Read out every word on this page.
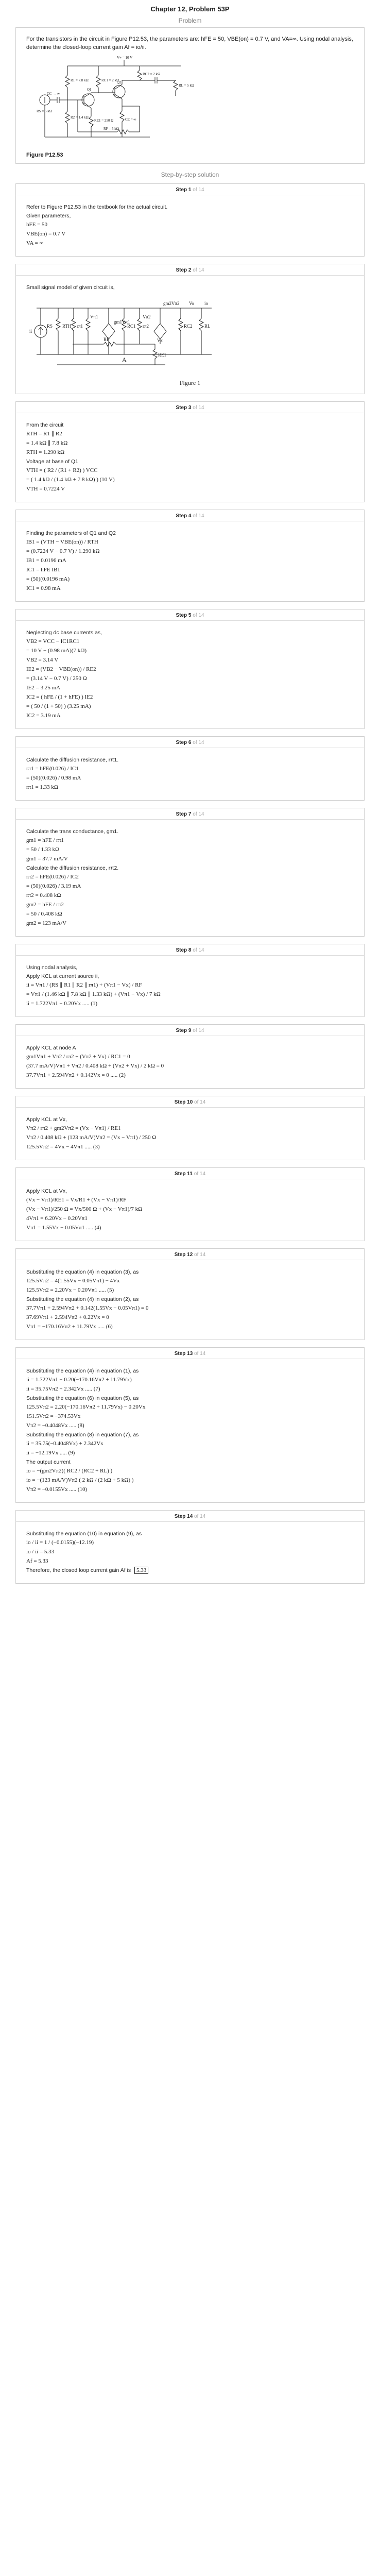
Chapter 12, Problem 53P
Problem
For the transistors in the circuit in Figure P12.53, the parameters are: hFE = 50, VBE(on) = 0.7 V, and VA=∞. Using nodal analysis, determine the closed-loop current gain Af = io/ii.
V+ = 10 V
R1 = 7.8 kΩ
R2 = 1.4 kΩ
RC1 = 2 kΩ
RC2 = 2 kΩ
RE1 = 250 Ω
RL = 5 kΩ
RS = 5 kΩ
RF = 5 kΩ
CE = ∞
CC → ∞
Q1
Q2
Figure P12.53
Step-by-step solution
Step 1 of 14

Refer to Figure P12.53 in the textbook for the actual circuit.

Given parameters,

hFE = 50

VBE(on) = 0.7 V

VA = ∞

Step 2 of 14

Small signal model of given circuit is,

ii
RS RTH rπ1
Vπ1
gm1Vπ1
RC1 rπ2
Vπ2
gm2Vπ2
RC2	RL
RF
RE1
Vo
Vx
io
A
Figure 1
Step 3 of 14

From the circuit

RTH = R1 ∥ R2

= 1.4 kΩ ∥ 7.8 kΩ

RTH = 1.290 kΩ

Voltage at base of Q1

VTH = ( R2 / (R1 + R2) ) VCC

= ( 1.4 kΩ / (1.4 kΩ + 7.8 kΩ) ) (10 V)

VTH = 0.7224 V

Step 4 of 14

Finding the parameters of Q1 and Q2

IB1 = (VTH − VBE(on)) / RTH

= (0.7224 V − 0.7 V) / 1.290 kΩ

IB1 = 0.0196 mA

IC1 = hFE IB1

= (50)(0.0196 mA)

IC1 = 0.98 mA

Step 5 of 14

Neglecting dc base currents as,

VB2 = VCC − IC1RC1

= 10 V − (0.98 mA)(7 kΩ)

VB2 = 3.14 V

IE2 = (VB2 − VBE(on)) / RE2

= (3.14 V − 0.7 V) / 250 Ω

IE2 = 3.25 mA

IC2 = ( hFE / (1 + hFE) ) IE2

= ( 50 / (1 + 50) ) (3.25 mA)

IC2 = 3.19 mA

Step 6 of 14

Calculate the diffusion resistance, rπ1.

rπ1 = hFE(0.026) / IC1

= (50)(0.026) / 0.98 mA

rπ1 = 1.33 kΩ

Step 7 of 14

Calculate the trans conductance, gm1.

gm1 = hFE / rπ1

= 50 / 1.33 kΩ

gm1 = 37.7 mA/V

Calculate the diffusion resistance, rπ2.

rπ2 = hFE(0.026) / IC2

= (50)(0.026) / 3.19 mA

rπ2 = 0.408 kΩ

gm2 = hFE / rπ2

= 50 / 0.408 kΩ

gm2 = 123 mA/V

Step 8 of 14

Using nodal analysis,

Apply KCL at current source ii,

ii = Vπ1 / (RS ∥ R1 ∥ R2 ∥ rπ1) + (Vπ1 − Vx) / RF

= Vπ1 / (1.46 kΩ ∥ 7.8 kΩ ∥ 1.33 kΩ) + (Vπ1 − Vx) / 7 kΩ

ii = 1.722Vπ1 − 0.20Vx ..... (1)

Step 9 of 14

Apply KCL at node A

gm1Vπ1 + Vπ2 / rπ2 + (Vπ2 + Vx) / RC1 = 0

(37.7 mA/V)Vπ1 + Vπ2 / 0.408 kΩ + (Vπ2 + Vx) / 2 kΩ = 0

37.7Vπ1 + 2.594Vπ2 + 0.142Vx = 0 ..... (2)

Step 10 of 14

Apply KCL at Vx,

Vπ2 / rπ2 + gm2Vπ2 = (Vx − Vπ1) / RE1

Vπ2 / 0.408 kΩ + (123 mA/V)Vπ2 = (Vx − Vπ1) / 250 Ω

125.5Vπ2 = 4Vx − 4Vπ1 ..... (3)

Step 11 of 14

Apply KCL at Vx,

(Vx − Vπ1)/RE1 = Vx/R1 + (Vx − Vπ1)/RF

(Vx − Vπ1)/250 Ω = Vx/500 Ω + (Vx − Vπ1)/7 kΩ

4Vπ1 = 6.20Vx − 0.20Vπ1

Vπ1 = 1.55Vx − 0.05Vπ1 ..... (4)

Step 12 of 14

Substituting the equation (4) in equation (3), as

125.5Vπ2 = 4(1.55Vx − 0.05Vπ1) − 4Vx

125.5Vπ2 = 2.20Vx − 0.20Vπ1 ..... (5)

Substituting the equation (4) in equation (2), as

37.7Vπ1 + 2.594Vπ2 + 0.142(1.55Vx − 0.05Vπ1) = 0

37.69Vπ1 + 2.594Vπ2 + 0.22Vx = 0

Vπ1 = −170.16Vπ2 + 11.79Vx ..... (6)

Step 13 of 14

Substituting the equation (4) in equation (1), as

ii = 1.722Vπ1 − 0.20(−170.16Vπ2 + 11.79Vx)

ii = 35.75Vπ2 + 2.342Vx ..... (7)

Substituting the equation (6) in equation (5), as

125.5Vπ2 = 2.20(−170.16Vπ2 + 11.79Vx) − 0.20Vx

151.5Vπ2 = −374.53Vx

Vπ2 = −0.4048Vx ..... (8)

Substituting the equation (8) in equation (7), as

ii = 35.75(−0.4048Vx) + 2.342Vx

ii = −12.19Vx ..... (9)

The output current

io = −(gm2Vπ2)( RC2 / (RC2 + RL) )

io = −(123 mA/V)Vπ2 ( 2 kΩ / (2 kΩ + 5 kΩ) )

Vπ2 = −0.0155Vx ..... (10)

Step 14 of 14

Substituting the equation (10) in equation (9), as

io / ii = 1 / (−0.0155)(−12.19)

io / ii = 5.33

Af = 5.33

Therefore, the closed loop current gain Af is 5.33
